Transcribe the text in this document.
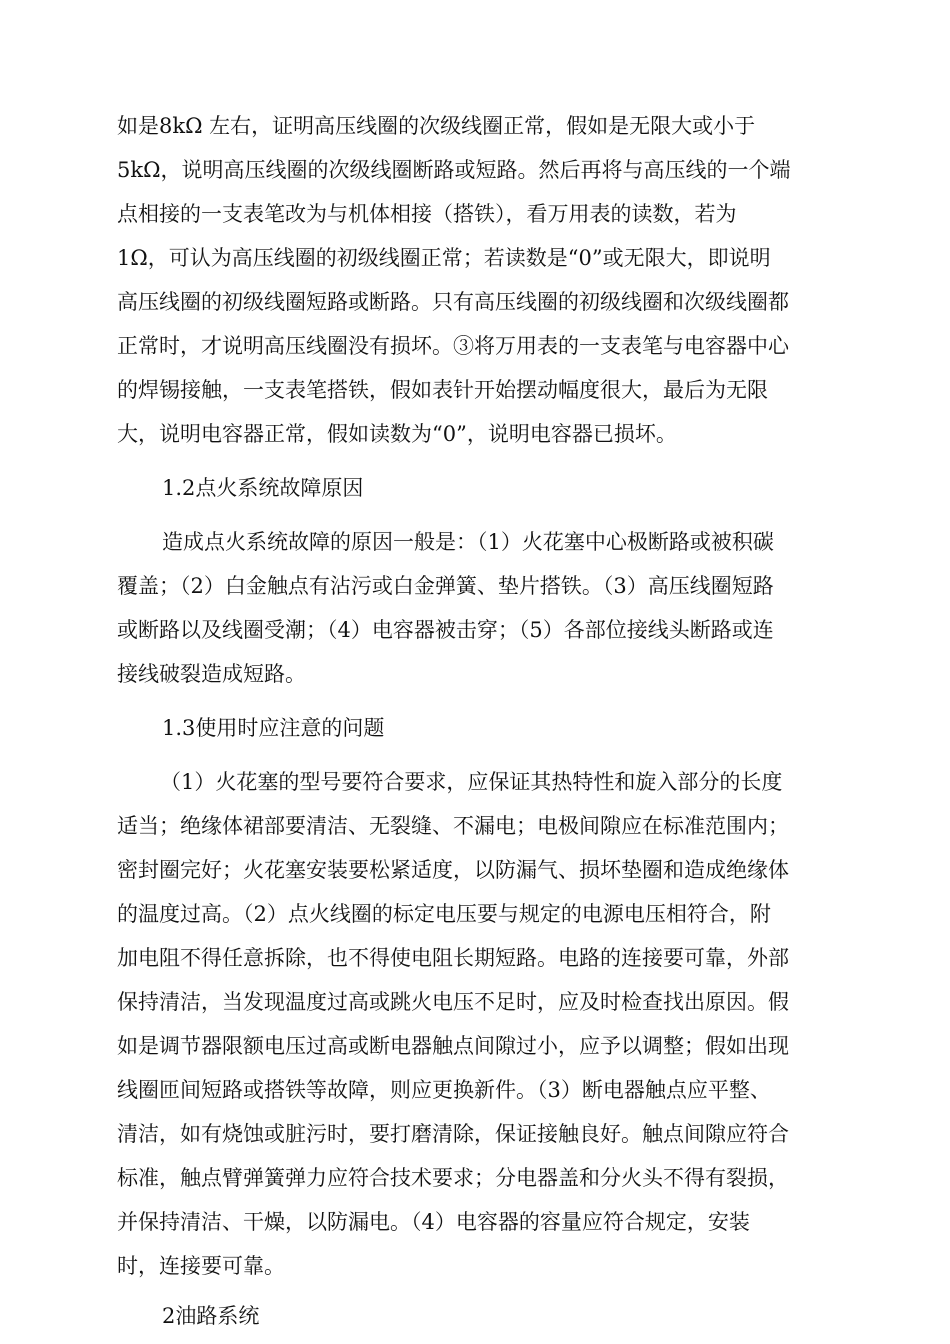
如是8kΩ 左右，证明高压线圈的次级线圈正常，假如是无限大或小于
5kΩ，说明高压线圈的次级线圈断路或短路。然后再将与高压线的一个端
点相接的一支表笔改为与机体相接（搭铁），看万用表的读数，若为
1Ω，可认为高压线圈的初级线圈正常；若读数是“0”或无限大，即说明
高压线圈的初级线圈短路或断路。只有高压线圈的初级线圈和次级线圈都
正常时，才说明高压线圈没有损坏。③将万用表的一支表笔与电容器中心
的焊锡接触，一支表笔搭铁，假如表针开始摆动幅度很大，最后为无限
大，说明电容器正常，假如读数为“0”，说明电容器已损坏。
1.2点火系统故障原因
造成点火系统故障的原因一般是：（1）火花塞中心极断路或被积碳
覆盖；（2）白金触点有沾污或白金弹簧、垫片搭铁。（3）高压线圈短路
或断路以及线圈受潮；（4）电容器被击穿；（5）各部位接线头断路或连
接线破裂造成短路。
1.3使用时应注意的问题
（1）火花塞的型号要符合要求，应保证其热特性和旋入部分的长度
适当；绝缘体裙部要清洁、无裂缝、不漏电；电极间隙应在标准范围内；
密封圈完好；火花塞安装要松紧适度，以防漏气、损坏垫圈和造成绝缘体
的温度过高。（2）点火线圈的标定电压要与规定的电源电压相符合，附
加电阻不得任意拆除，也不得使电阻长期短路。电路的连接要可靠，外部
保持清洁，当发现温度过高或跳火电压不足时，应及时检查找出原因。假
如是调节器限额电压过高或断电器触点间隙过小，应予以调整；假如出现
线圈匝间短路或搭铁等故障，则应更换新件。（3）断电器触点应平整、
清洁，如有烧蚀或脏污时，要打磨清除，保证接触良好。触点间隙应符合
标准，触点臂弹簧弹力应符合技术要求；分电器盖和分火头不得有裂损，
并保持清洁、干燥，以防漏电。（4）电容器的容量应符合规定，安装
时，连接要可靠。
2油路系统
